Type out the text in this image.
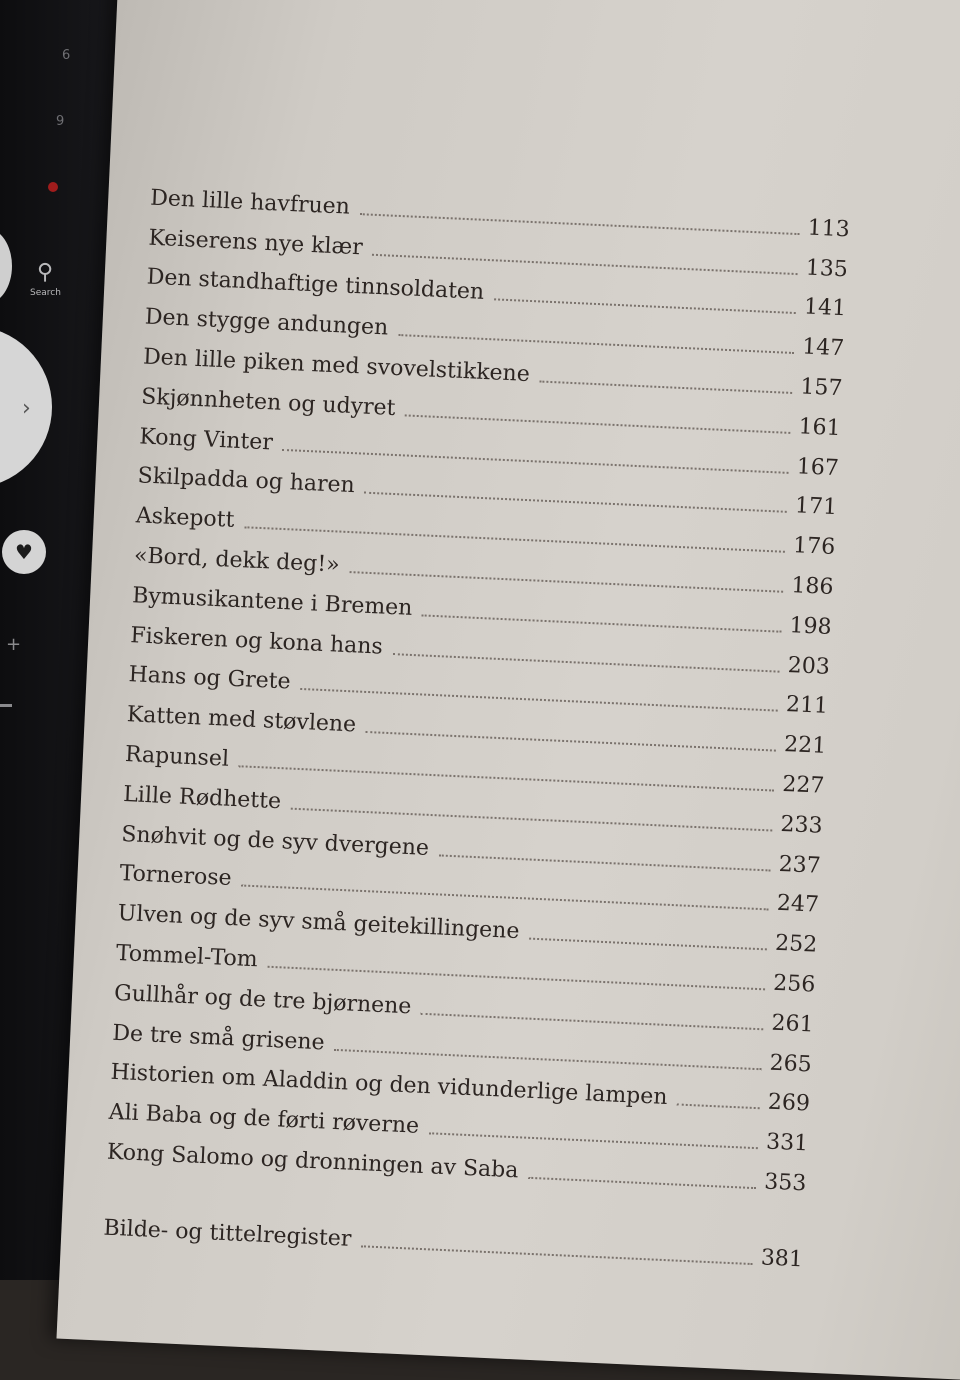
6
9
⚲
Search
›
♥
+
Den lille havfruen
113
Keiserens nye klær
135
Den standhaftige tinnsoldaten
141
Den stygge andungen
147
Den lille piken med svovelstikkene
157
Skjønnheten og udyret
161
Kong Vinter
167
Skilpadda og haren
171
Askepott
176
«Bord, dekk deg!»
186
Bymusikantene i Bremen
198
Fiskeren og kona hans
203
Hans og Grete
211
Katten med støvlene
221
Rapunsel
227
Lille Rødhette
233
Snøhvit og de syv dvergene
237
Tornerose
247
Ulven og de syv små geitekillingene
252
Tommel-Tom
256
Gullhår og de tre bjørnene
261
De tre små grisene
265
Historien om Aladdin og den vidunderlige lampen	269
Ali Baba og de førti røverne
331
Kong Salomo og dronningen av Saba	353
Bilde- og tittelregister
381
